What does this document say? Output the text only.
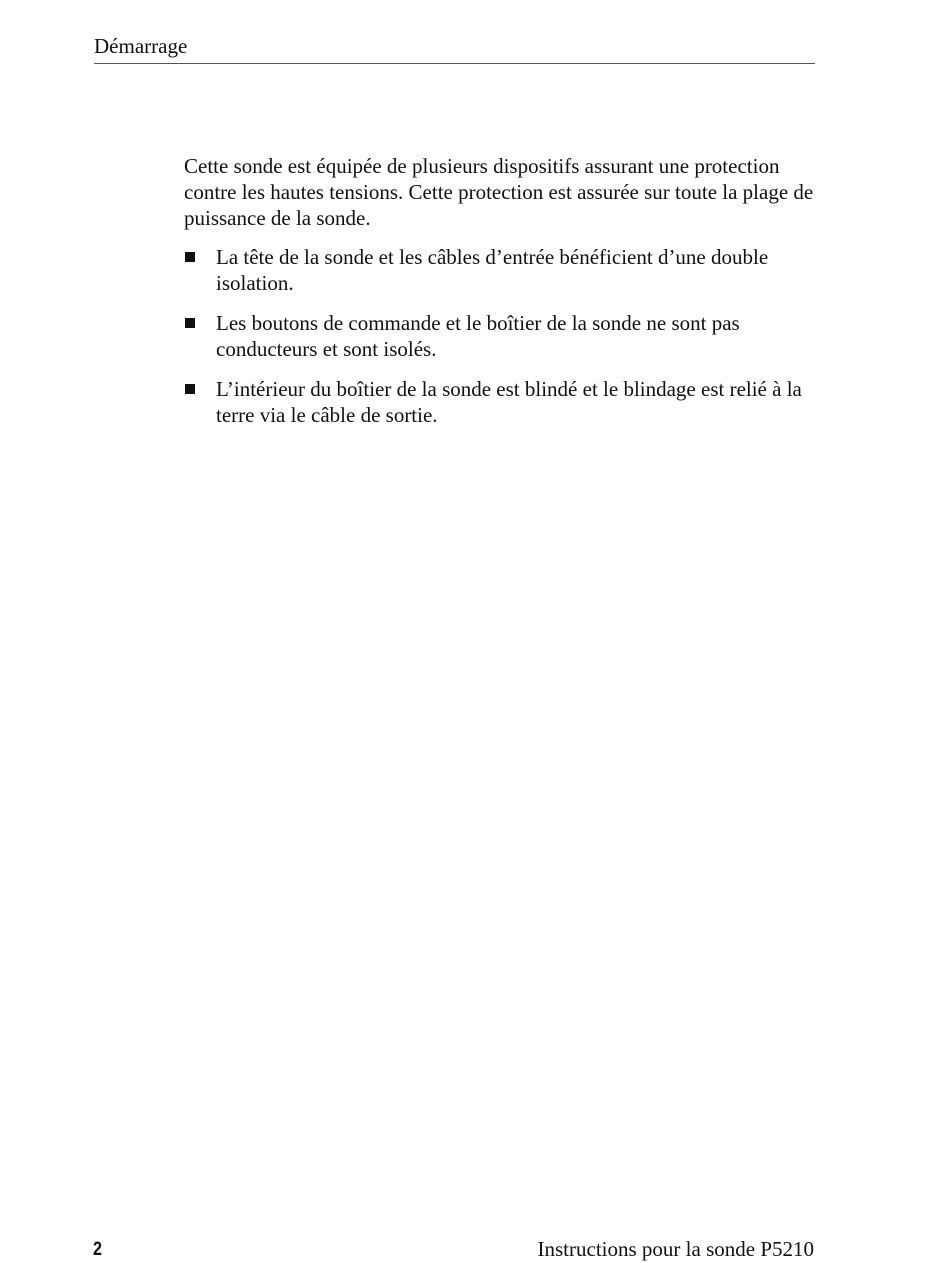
Démarrage

Cette sonde est équipée de plusieurs dispositifs assurant une protection contre les hautes tensions. Cette protection est assurée sur toute la plage de puissance de la sonde.

La tête de la sonde et les câbles d’entrée bénéficient d’une double isolation.
Les boutons de commande et le boîtier de la sonde ne sont pas conducteurs et sont isolés.
L’intérieur du boîtier de la sonde est blindé et le blindage est relié à la terre via le câble de sortie.
2	Instructions pour la sonde P5210
